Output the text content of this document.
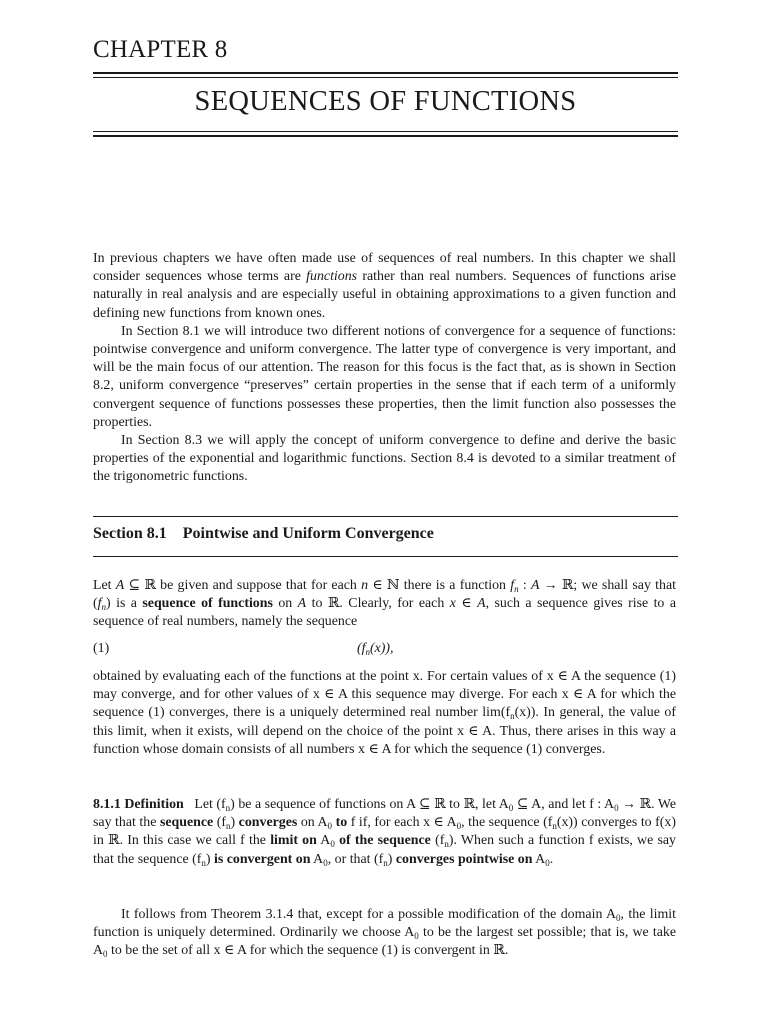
CHAPTER 8
SEQUENCES OF FUNCTIONS

In previous chapters we have often made use of sequences of real numbers. In this chapter we shall consider sequences whose terms are functions rather than real numbers. Sequences of functions arise naturally in real analysis and are especially useful in obtaining approximations to a given function and defining new functions from known ones.

In Section 8.1 we will introduce two different notions of convergence for a sequence of functions: pointwise convergence and uniform convergence. The latter type of convergence is very important, and will be the main focus of our attention. The reason for this focus is the fact that, as is shown in Section 8.2, uniform convergence “preserves” certain properties in the sense that if each term of a uniformly convergent sequence of functions possesses these properties, then the limit function also possesses the properties.

In Section 8.3 we will apply the concept of uniform convergence to define and derive the basic properties of the exponential and logarithmic functions. Section 8.4 is devoted to a similar treatment of the trigonometric functions.

Section 8.1 Pointwise and Uniform Convergence
Let A ⊆ ℝ be given and suppose that for each n ∈ ℕ there is a function $f_n$ : A → ℝ; we shall say that $(f_n)$ is a sequence of functions on A to ℝ. Clearly, for each x ∈ A, such a sequence gives rise to a sequence of real numbers, namely the sequence
(1)	$(f_n(x))$,
obtained by evaluating each of the functions at the point x. For certain values of x ∈ A the sequence (1) may converge, and for other values of x ∈ A this sequence may diverge. For each x ∈ A for which the sequence (1) converges, there is a uniquely determined real number $\lim(f_n(x))$. In general, the value of this limit, when it exists, will depend on the choice of the point x ∈ A. Thus, there arises in this way a function whose domain consists of all numbers x ∈ A for which the sequence (1) converges.
8.1.1 Definition Let $(f_n)$ be a sequence of functions on A ⊆ ℝ to ℝ, let $A_0$ ⊆ A, and let f : $A_0$ → ℝ. We say that the sequence $(f_n)$ converges on $A_0$ to f if, for each x ∈ $A_0$, the sequence $(f_n(x))$ converges to f(x) in ℝ. In this case we call f the limit on $A_0$ of the sequence $(f_n)$. When such a function f exists, we say that the sequence $(f_n)$ is convergent on $A_0$, or that $(f_n)$ converges pointwise on $A_0$.
It follows from Theorem 3.1.4 that, except for a possible modification of the domain $A_0$, the limit function is uniquely determined. Ordinarily we choose $A_0$ to be the largest set possible; that is, we take $A_0$ to be the set of all x ∈ A for which the sequence (1) is convergent in ℝ.
